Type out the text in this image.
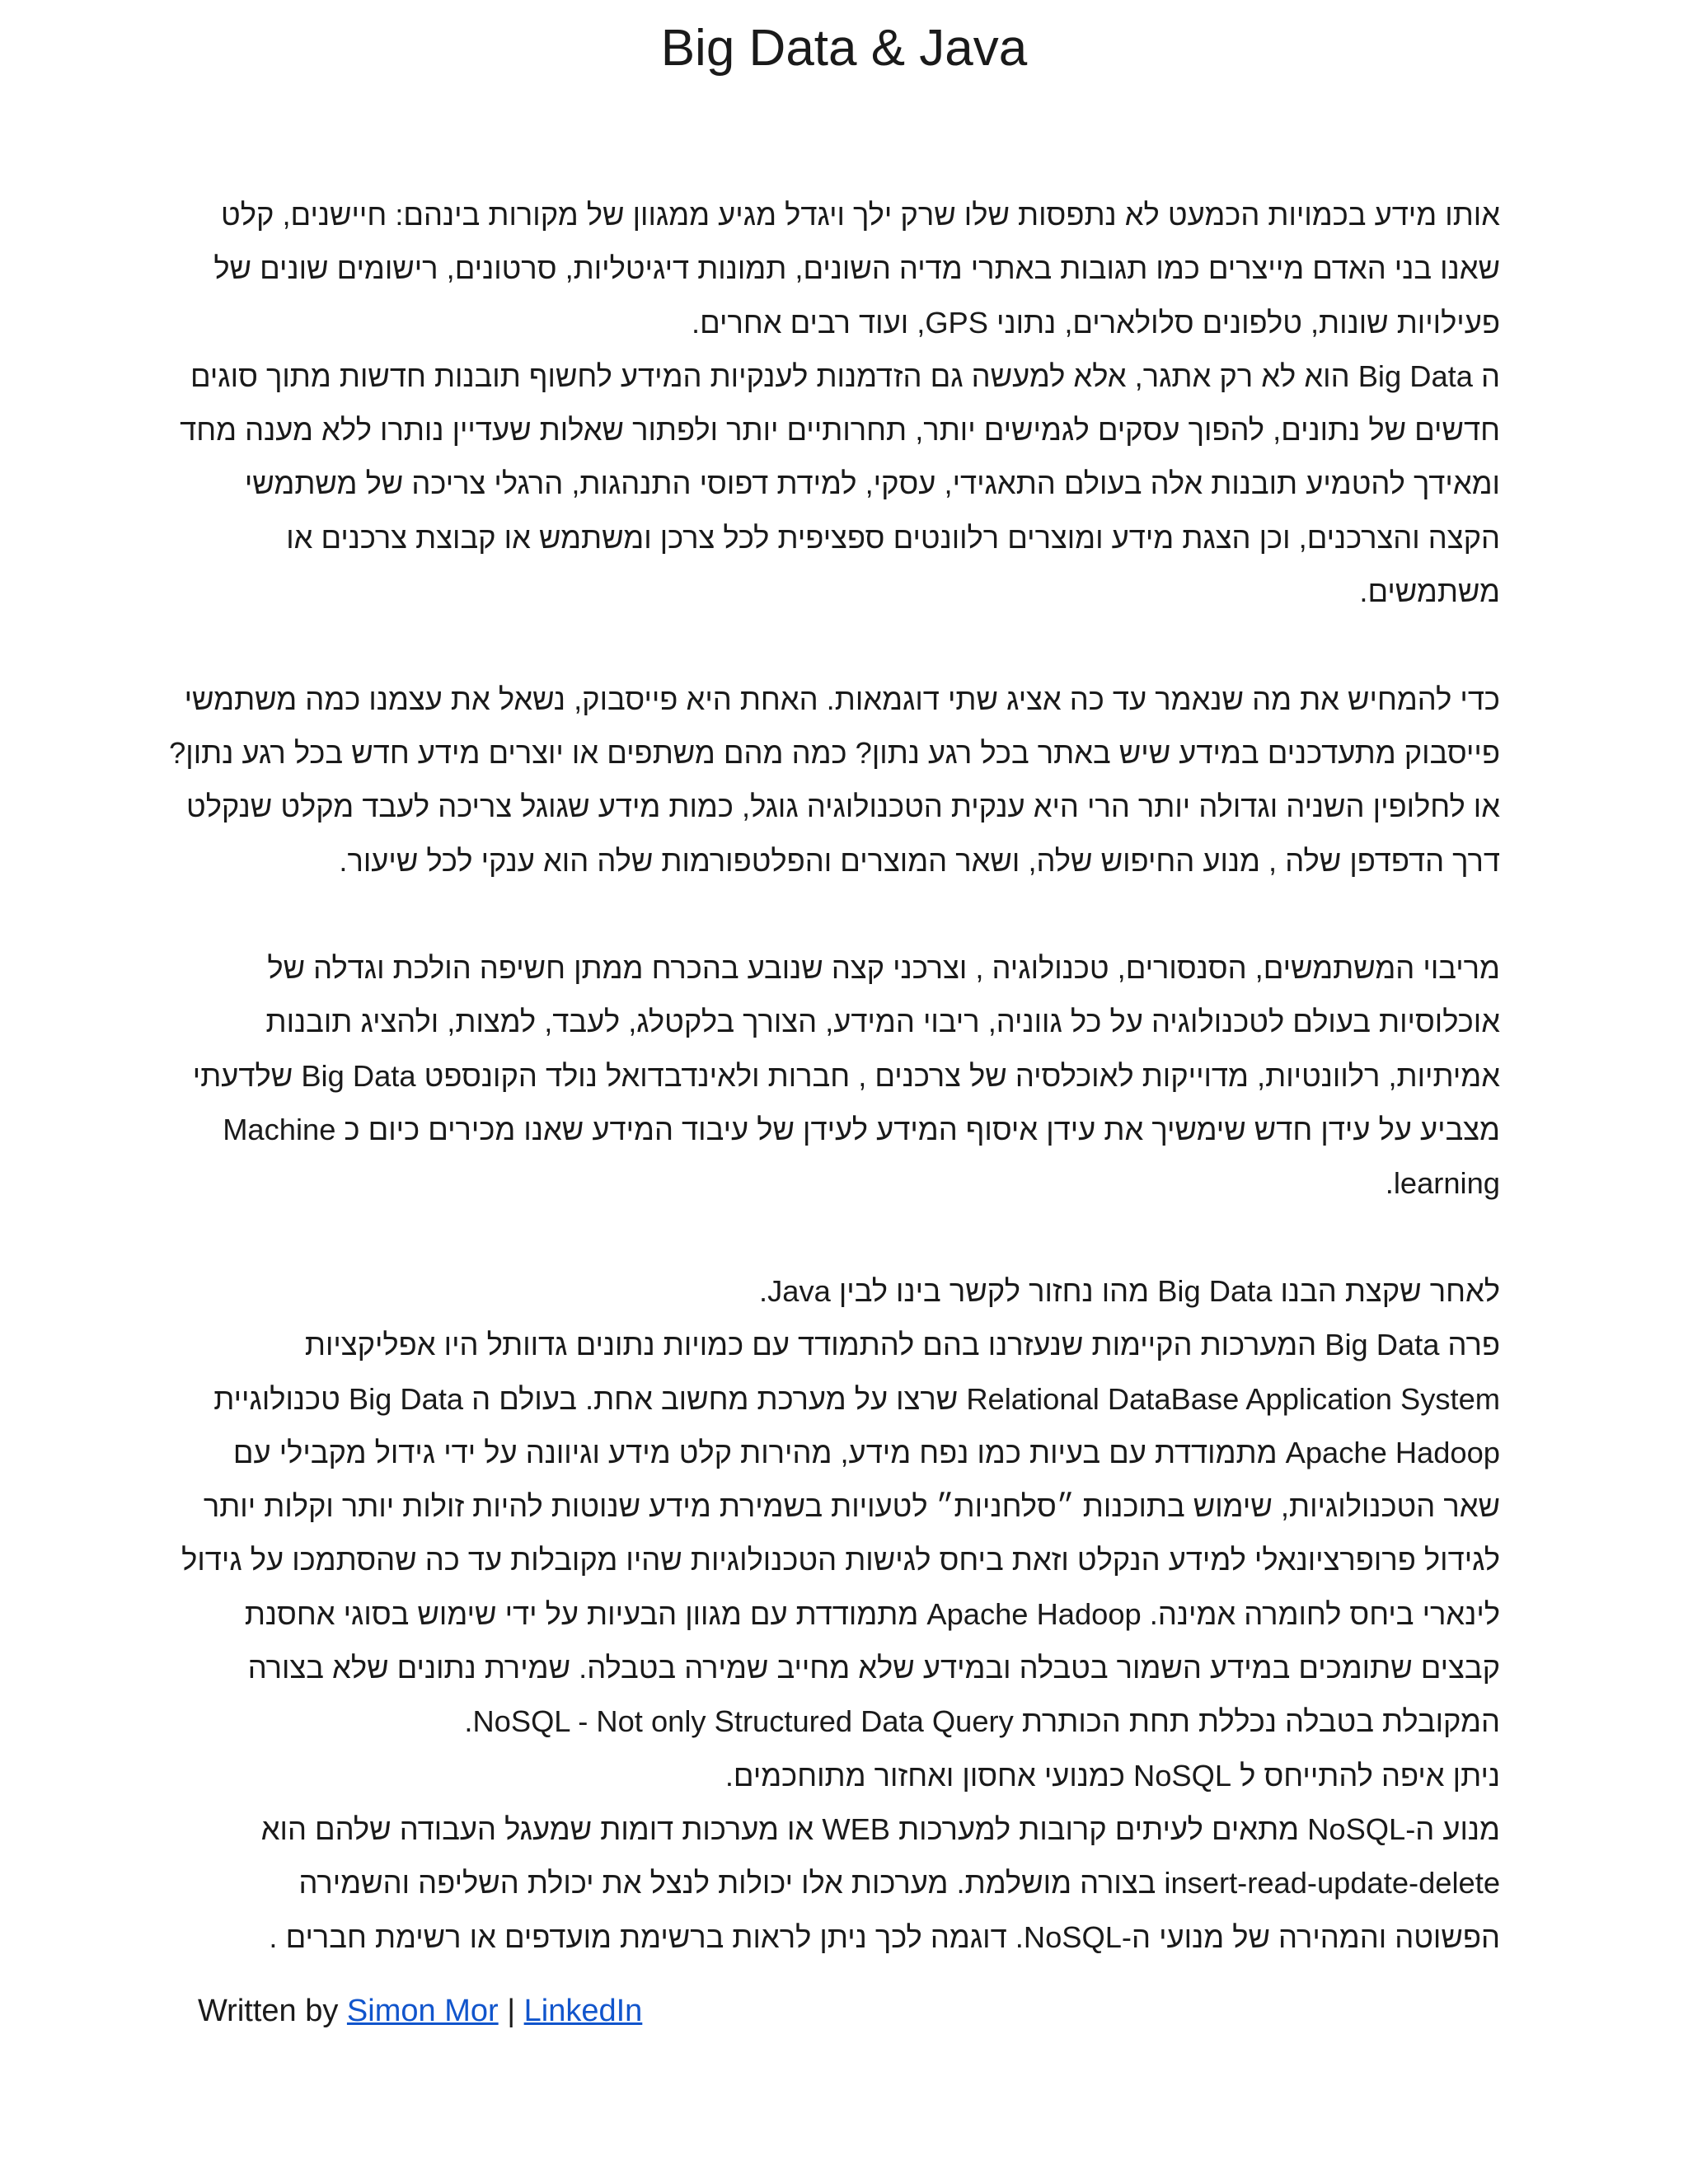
Big Data & Java

אותו מידע בכמויות הכמעט לא נתפסות שלו שרק ילך ויגדל מגיע ממגוון של מקורות בינהם: חיישנים, קלט

שאנו בני האדם מייצרים כמו תגובות באתרי מדיה השונים, תמונות דיגיטליות, סרטונים, רישומים שונים של

פעילויות שונות, טלפונים סלולארים, נתוני GPS, ועוד רבים אחרים.

ה Big Data הוא לא רק אתגר, אלא למעשה גם הזדמנות לענקיות המידע לחשוף תובנות חדשות מתוך סוגים

חדשים של נתונים, להפוך עסקים לגמישים יותר, תחרותיים יותר ולפתור שאלות שעדיין נותרו ללא מענה מחד

ומאידך להטמיע תובנות אלה בעולם התאגידי, עסקי, למידת דפוסי התנהגות, הרגלי צריכה של משתמשי

הקצה והצרכנים, וכן הצגת מידע ומוצרים רלוונטים ספציפית לכל צרכן ומשתמש או קבוצת צרכנים או

משתמשים.

כדי להמחיש את מה שנאמר עד כה אציג שתי דוגמאות. האחת היא פייסבוק, נשאל את עצמנו כמה משתמשי

פייסבוק מתעדכנים במידע שיש באתר בכל רגע נתון? כמה מהם משתפים או יוצרים מידע חדש בכל רגע נתון?

או לחלופין השניה וגדולה יותר הרי היא ענקית הטכנולוגיה גוגל, כמות מידע שגוגל צריכה לעבד מקלט שנקלט

דרך הדפדפן שלה , מנוע החיפוש שלה, ושאר המוצרים והפלטפורמות שלה הוא ענקי לכל שיעור.

מריבוי המשתמשים, הסנסורים, טכנולוגיה , וצרכני קצה שנובע בהכרח ממתן חשיפה הולכת וגדלה של

אוכלוסיות בעולם לטכנולוגיה על כל גווניה, ריבוי המידע, הצורך בלקטלג, לעבד, למצות, ולהציג תובנות

אמיתיות, רלוונטיות, מדוייקות לאוכלסיה של צרכנים , חברות ולאינדבדואל נולד הקונספט Big Data שלדעתי

מצביע על עידן חדש שימשיך את עידן איסוף המידע לעידן של עיבוד המידע שאנו מכירים כיום כ Machine

learning.

לאחר שקצת הבנו Big Data מהו נחזור לקשר בינו לבין Java.

פרה Big Data המערכות הקיימות שנעזרנו בהם להתמודד עם כמויות נתונים גדוותל היו אפליקציות

Relational DataBase Application System שרצו על מערכת מחשוב אחת. בעולם ה Big Data טכנולוגיית

Apache Hadoop מתמודדת עם בעיות כמו נפח מידע, מהירות קלט מידע וגיוונה על ידי גידול מקבילי עם

שאר הטכנולוגיות, שימוש בתוכנות ״סלחניות״ לטעויות בשמירת מידע שנוטות להיות זולות יותר וקלות יותר

לגידול פרופרציונאלי למידע הנקלט וזאת ביחס לגישות הטכנולוגיות שהיו מקובלות עד כה שהסתמכו על גידול

לינארי ביחס לחומרה אמינה. Apache Hadoop מתמודדת עם מגוון הבעיות על ידי שימוש בסוגי אחסנת

קבצים שתומכים במידע השמור בטבלה ובמידע שלא מחייב שמירה בטבלה. שמירת נתונים שלא בצורה

המקובלת בטבלה נכללת תחת הכותרת NoSQL - Not only Structured Data Query.

ניתן איפה להתייחס ל NoSQL כמנועי אחסון ואחזור מתוחכמים.

מנוע ה-NoSQL מתאים לעיתים קרובות למערכות WEB או מערכות דומות שמעגל העבודה שלהם הוא

insert-read-update-delete בצורה מושלמת. מערכות אלו יכולות לנצל את יכולת השליפה והשמירה

הפשוטה והמהירה של מנועי ה-NoSQL. דוגמה לכך ניתן לראות ברשימת מועדפים או רשימת חברים .

Written by Simon Mor | LinkedIn
